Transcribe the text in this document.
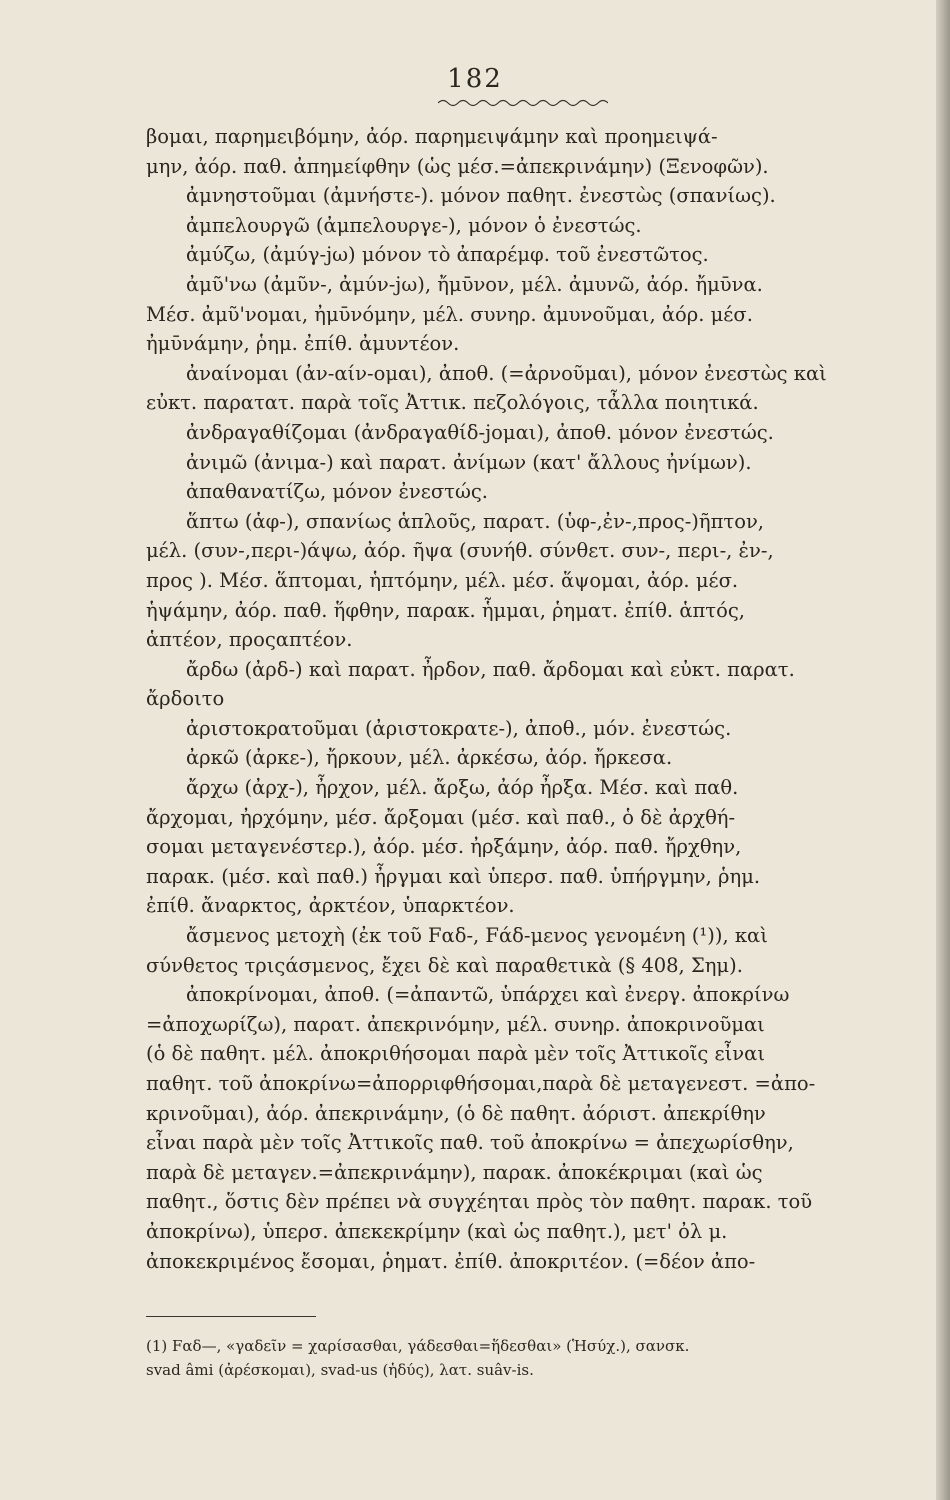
182
βομαι, παρημειβόμην, ἀόρ. παρημειψάμην καὶ προημειψά-
μην, ἀόρ. παθ. ἀπημείφθην (ὡς μέσ.=ἀπεκρινάμην) (Ξενοφῶν).
ἀμνηστοῦμαι (ἀμνήστε-). μόνον παθητ. ἐνεστὼς (σπανίως).
ἀμπελουργῶ (ἀμπελουργε-), μόνον ὁ ἐνεστώς.
ἀμύζω, (ἀμύγ-jω) μόνον τὸ ἀπαρέμφ. τοῦ ἐνεστῶτος.
ἀμῦ'νω (ἀμῦν-, ἀμύν-jω), ἤμῡνον, μέλ. ἀμυνῶ, ἀόρ. ἤμῡνα.
Μέσ. ἀμῦ'νομαι, ἠμῡνόμην, μέλ. συνηρ. ἀμυνοῦμαι, ἀόρ. μέσ.
ἠμῡνάμην, ῥημ. ἐπίθ. ἀμυντέον.
ἀναίνομαι (ἀν-αίν-ομαι), ἀποθ. (=ἀρνοῦμαι), μόνον ἐνεστὼς καὶ
εὐκτ. παρατατ. παρὰ τοῖς Ἀττικ. πεζολόγοις, τἆλλα ποιητικά.
ἀνδραγαθίζομαι (ἀνδραγαθίδ-jομαι), ἀποθ. μόνον ἐνεστώς.
ἀνιμῶ (ἀνιμα-) καὶ παρατ. ἀνίμων (κατ' ἄλλους ἠνίμων).
ἀπαθανατίζω, μόνον ἐνεστώς.
ἅπτω (ἁφ-), σπανίως ἁπλοῦς, παρατ. (ὑφ-,ἐν-,προς-)ῆπτον,
μέλ. (συν-,περι-)άψω, ἀόρ. ῆψα (συνήθ. σύνθετ. συν-, περι-, ἐν-,
προς ). Μέσ. ἅπτομαι, ἡπτόμην, μέλ. μέσ. ἅψομαι, ἀόρ. μέσ.
ἡψάμην, ἀόρ. παθ. ἥφθην, παρακ. ἧμμαι, ῥηματ. ἐπίθ. ἁπτός,
ἁπτέον, προςαπτέον.
ἄρδω (ἀρδ-) καὶ παρατ. ἦρδον, παθ. ἄρδομαι καὶ εὐκτ. παρατ.
ἄρδοιτο
ἀριστοκρατοῦμαι (ἀριστοκρατε-), ἀποθ., μόν. ἐνεστώς.
ἀρκῶ (ἀρκε-), ἤρκουν, μέλ. ἀρκέσω, ἀόρ. ἤρκεσα.
ἄρχω (ἀρχ-), ἦρχον, μέλ. ἄρξω, ἀόρ ἦρξα. Μέσ. καὶ παθ.
ἄρχομαι, ἠρχόμην, μέσ. ἄρξομαι (μέσ. καὶ παθ., ὁ δὲ ἀρχθή-
σομαι μεταγενέστερ.), ἀόρ. μέσ. ἠρξάμην, ἀόρ. παθ. ἤρχθην,
παρακ. (μέσ. καὶ παθ.) ἦργμαι καὶ ὑπερσ. παθ. ὑπήργμην, ῥημ.
ἐπίθ. ἄναρκτος, ἀρκτέον, ὑπαρκτέον.
ἄσμενος μετοχὴ (ἐκ τοῦ Fαδ-, Fάδ-μενος γενομένη (¹)), καὶ
σύνθετος τριςάσμενος, ἔχει δὲ καὶ παραθετικὰ (§ 408, Σημ).
ἀποκρίνομαι, ἀποθ. (=ἀπαντῶ, ὑπάρχει καὶ ἐνεργ. ἀποκρίνω
=ἀποχωρίζω), παρατ. ἀπεκρινόμην, μέλ. συνηρ. ἀποκρινοῦμαι
(ὁ δὲ παθητ. μέλ. ἀποκριθήσομαι παρὰ μὲν τοῖς Ἀττικοῖς εἶναι
παθητ. τοῦ ἀποκρίνω=ἀπορριφθήσομαι,παρὰ δὲ μεταγενεστ. =ἀπο-
κρινοῦμαι), ἀόρ. ἀπεκρινάμην, (ὁ δὲ παθητ. ἀόριστ. ἀπεκρίθην
εἶναι παρὰ μὲν τοῖς Ἀττικοῖς παθ. τοῦ ἀποκρίνω = ἀπεχωρίσθην,
παρὰ δὲ μεταγεν.=ἀπεκρινάμην), παρακ. ἀποκέκριμαι (καὶ ὡς
παθητ., ὅστις δὲν πρέπει νὰ συγχέηται πρὸς τὸν παθητ. παρακ. τοῦ
ἀποκρίνω), ὑπερσ. ἀπεκεκρίμην (καὶ ὡς παθητ.), μετ' ὀλ μ.
ἀποκεκριμένος ἔσομαι, ῥηματ. ἐπίθ. ἀποκριτέον. (=δέον ἀπο-
(1) Fαδ—, «γαδεῖν = χαρίσασθαι, γάδεσθαι=ἥδεσθαι» (Ἡσύχ.), σανσκ.
svad âmi (ἀρέσκομαι), svad-us (ἡδύς), λατ. suâv-is.
